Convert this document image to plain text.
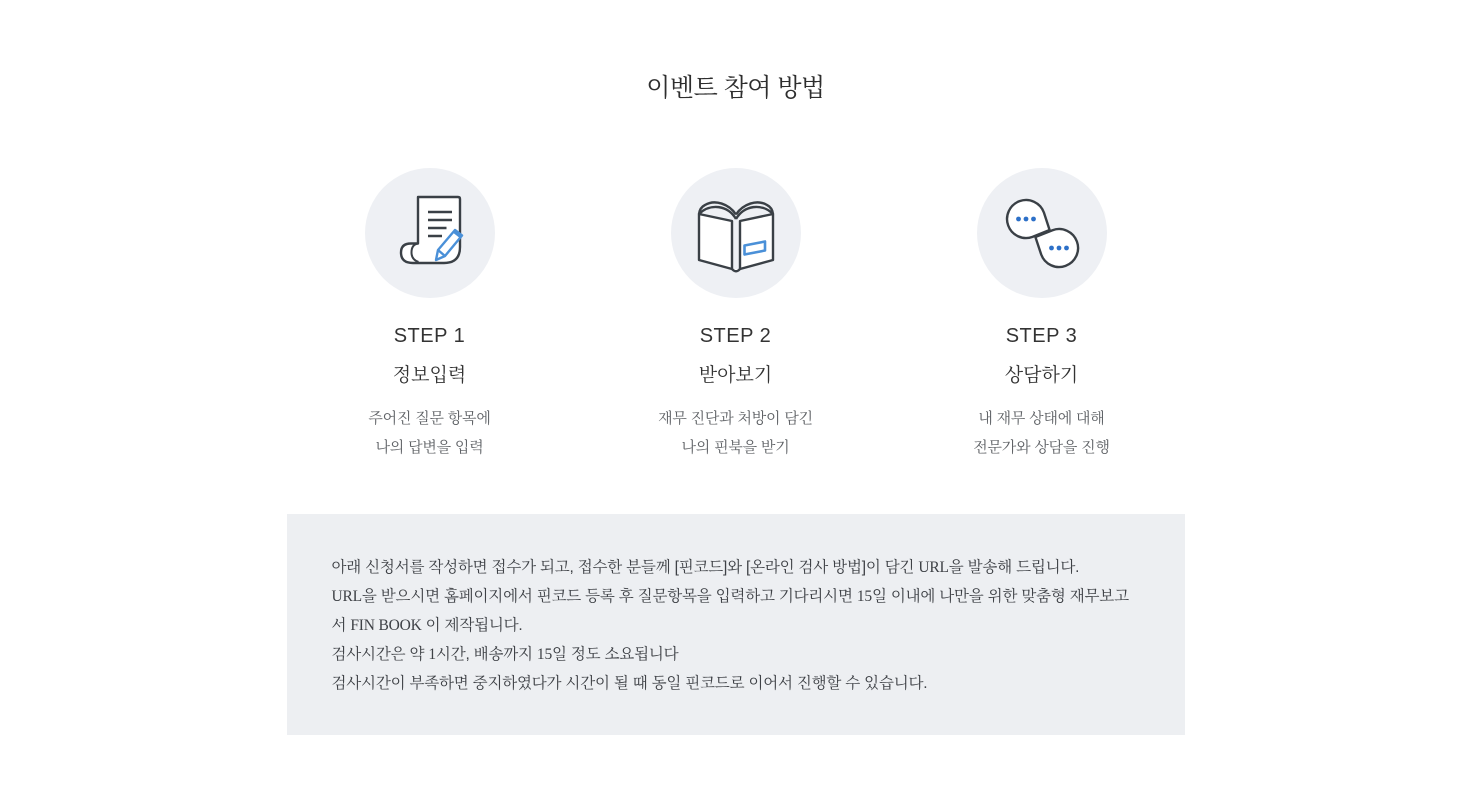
이벤트 참여 방법
STEP 1
정보입력
주어진 질문 항목에
나의 답변을 입력
STEP 2
받아보기
재무 진단과 처방이 담긴
나의 핀북을 받기
STEP 3
상담하기
내 재무 상태에 대해
전문가와 상담을 진행

아래 신청서를 작성하면 접수가 되고, 접수한 분들께 [핀코드]와 [온라인 검사 방법]이 담긴 URL을 발송해 드립니다.

URL을 받으시면 홈페이지에서 핀코드 등록 후 질문항목을 입력하고 기다리시면 15일 이내에 나만을 위한 맞춤형 재무보고서 FIN BOOK 이 제작됩니다.

검사시간은 약 1시간, 배송까지 15일 정도 소요됩니다

검사시간이 부족하면 중지하였다가 시간이 될 때 동일 핀코드로 이어서 진행할 수 있습니다.
